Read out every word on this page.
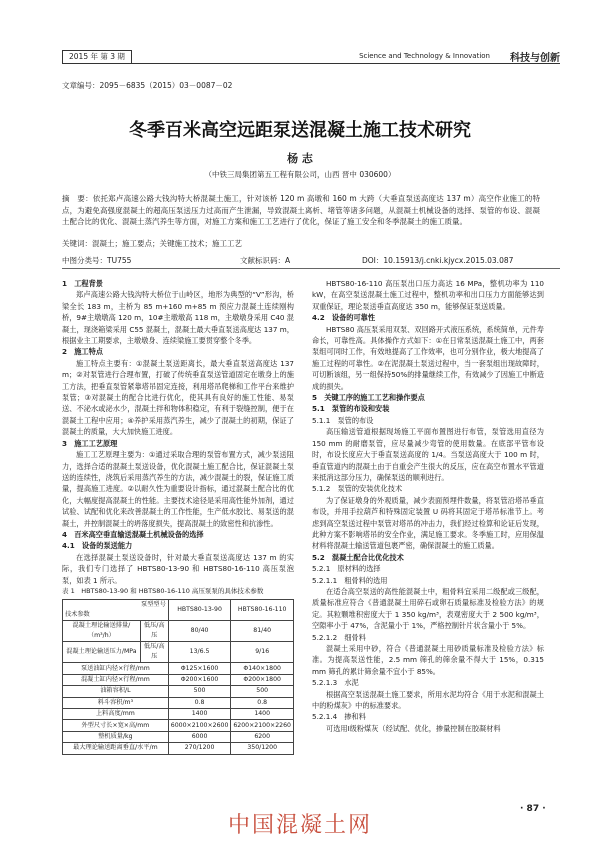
2015 年 第 3 期	Science and Technology & Innovation 科技与创新
文章编号：2095－6835（2015）03－0087－02
冬季百米高空远距泵送混凝土施工技术研究
杨 志
（中铁三局集团第五工程有限公司，山西 晋中 030600）
摘　要：依托郑卢高速公路大钱沟特大桥混凝土施工，针对该桥 120 m 高墩和 160 m 大跨（大垂直泵送高度达 137 m）高空作业施工的特点，为避免高强度混凝土的超高压泵送压力过高而产生泄漏，导致混凝土离析、堵管等诸多问题，从混凝土机械设备的选择、泵管的布设、混凝土配合比的优化、混凝土蒸汽养生等方面，对施工方案和施工工艺进行了优化，保证了施工安全和冬季混凝土的施工质量。
关键词：混凝土；施工要点；关键施工技术；施工工艺
中图分类号：TU755	文献标识码：A	DOI：10.15913/j.cnki.kjycx.2015.03.087

1　工程背景

郑卢高速公路大钱沟特大桥位于山岭区，地形为典型的“V”形沟，桥梁全长 183 m，主桥为 85 m+160 m+85 m 预应力混凝土连续刚构桥，9#主墩墩高 120 m，10#主墩墩高 118 m，主墩墩身采用 C40 混凝土，现浇箱梁采用 C55 混凝土，混凝土最大垂直泵送高度达 137 m，根据业主工期要求，主墩墩身、连续梁施工要贯穿整个冬季。

2　施工特点

施工特点主要有：①混凝土泵送距离长，最大垂直泵送高度达 137 m；②对泵管进行合理布置，打破了传统垂直泵送管道固定在墩身上的施工方法，把垂直泵管紧靠塔吊固定连接，利用塔吊爬梯和工作平台来维护泵管；③对混凝土的配合比进行优化，使其具有良好的施工性能、易泵送、不泌水或泌水少，混凝土拌和物体积稳定，有利于裂缝控制，便于在混凝土工程中应用；④养护采用蒸汽养生，减少了混凝土的初期，保证了混凝土的质量，大大加快施工进度。

3　施工工艺原理

施工工艺原理主要为：①通过采取合理的泵管布置方式，减少泵送阻力，选择合适的混凝土泵送设备，优化混凝土施工配合比，保证混凝土泵送的连续性，浇筑后采用蒸汽养生的方法，减少混凝土的裂，保证施工质量，提高施工进度。②以耐久性为重要设计指标，通过混凝土配合比的优化，大幅度提高混凝土的性能。主要技术途径是采用高性能外加剂，通过试验、试配和优化来改善混凝土的工作性能，生产低水胶比、易泵送的混凝土，并控制混凝土的坍落度损失，提高混凝土的致密性和抗渗性。

4　百米高空垂直输送混凝土机械设备的选择

4.1　设备的泵送能力

在选择混凝土泵送设备时，针对最大垂直泵送高度达 137 m 的实际，我们专门选择了 HBTS80-13-90 和 HBTS80-16-110 高压泵泡泵，如表 1 所示。

表 1　HBTS80-13-90 和 HBTS80-16-110 高压泵泵的具体技术参数

泵型型号

技术参数		HBTS80-13-90	HBTS80-16-110
混凝土理论输送排量/（m³/h）	低压/高压	80/40	81/40
混凝土理论输送压力/MPa	低压/高压	13/6.5	9/16
泵送油缸内径×行程/mm		Φ125×1600	Φ140×1800
混凝土缸内径×行程/mm		Φ200×1600	Φ200×1800
油箱容积/L		500	500
料斗容积/m³		0.8	0.8
上料高度/mm		1400	1400
外型尺寸长×宽×高/mm		6000×2100×2600	6200×2100×2260
整机质量/kg		6000	6200
最大理论输送距离垂直/水平/m		270/1200	350/1200

HBTS80-16-110 高压泵出口压力高达 16 MPa，整机功率为 110 kW，在高空泵送混凝土施工过程中，整机功率和出口压力方面能够达到双重保证，理论泵送垂直高度达 350 m，能够保证泵送质量。

4.2　设备的可靠性

HBTS80 高压泵采用双泵、双回路开式液压系统，系统简单，元件寿命长，可靠性高。具体操作方式如下：①在日常泵送混凝土施工中，两套泵组可同时工作，有效地提高了工作效率，也可分别作业，极大地提高了施工过程的可靠性。②在泥混凝土泵送过程中，当一套泵组出现故障时，可切断该组，另一组保持50%的排量继续工作，有效减少了因施工中断造成的损失。

5　关键工序的施工工艺和操作要点

5.1　泵管的布设和安装

5.1.1　泵管的布设

高压输送管道根据现场施工平面布置图进行布管，泵管选用直径为 150 mm 的耐磨泵管，应尽量减少弯管的使用数量。在底部平管布设时，布设长度应大于垂直泵送高度的 1/4。当泵送高度大于 100 m 时，垂直管道内的混凝土由于自重会产生很大的反压，应在高空布置水平管道来抵消这部分压力，确保泵送的顺利进行。

5.1.2　泵管的安装优化技术

为了保证墩身的外观质量，减少表面预埋件数量，将泵管沿塔吊垂直布设，并用手拉葫芦和特殊固定装置 U 码将其固定于塔吊标准节上。考虑到高空泵送过程中泵管对塔吊的冲击力，我们经过检算和论证后发现，此种方案不影响塔吊的安全作业，满足施工要求。冬季施工时，应用保温材料将混凝土输送管道包裹严密，确保混凝土的施工质量。

5.2　混凝土配合比优化技术

5.2.1　原材料的选择

5.2.1.1　粗骨料的选用

在适合高空泵送的高性能混凝土中，粗骨料宜采用二级配或三级配，质量标准应符合《普通混凝土用碎石或卵石质量标准及检验方法》的规定。其粒颗堆积密度大于 1 350 kg/m³，表观密度大于 2 500 kg/m³，空隙率小于 47%，含泥量小于 1%，严格控制针片状含量小于 5%。

5.2.1.2　细骨料

混凝土采用中砂，符合《普通混凝土用砂质量标准及检验方法》标准。为提高泵送性能，2.5 mm 筛孔的筛余量不得大于 15%，0.315 mm 筛孔的累计筛余量不宜小于 85%。

5.2.1.3　水泥

根据高空泵送混凝土施工要求，所用水泥均符合《用于水泥和混凝土中的粉煤灰》中的标准要求。

5.2.1.4　掺和料

可选用Ⅰ级粉煤灰（经试配、优化，掺量控制在胶凝材料

· 87 ·
中国混凝土网
